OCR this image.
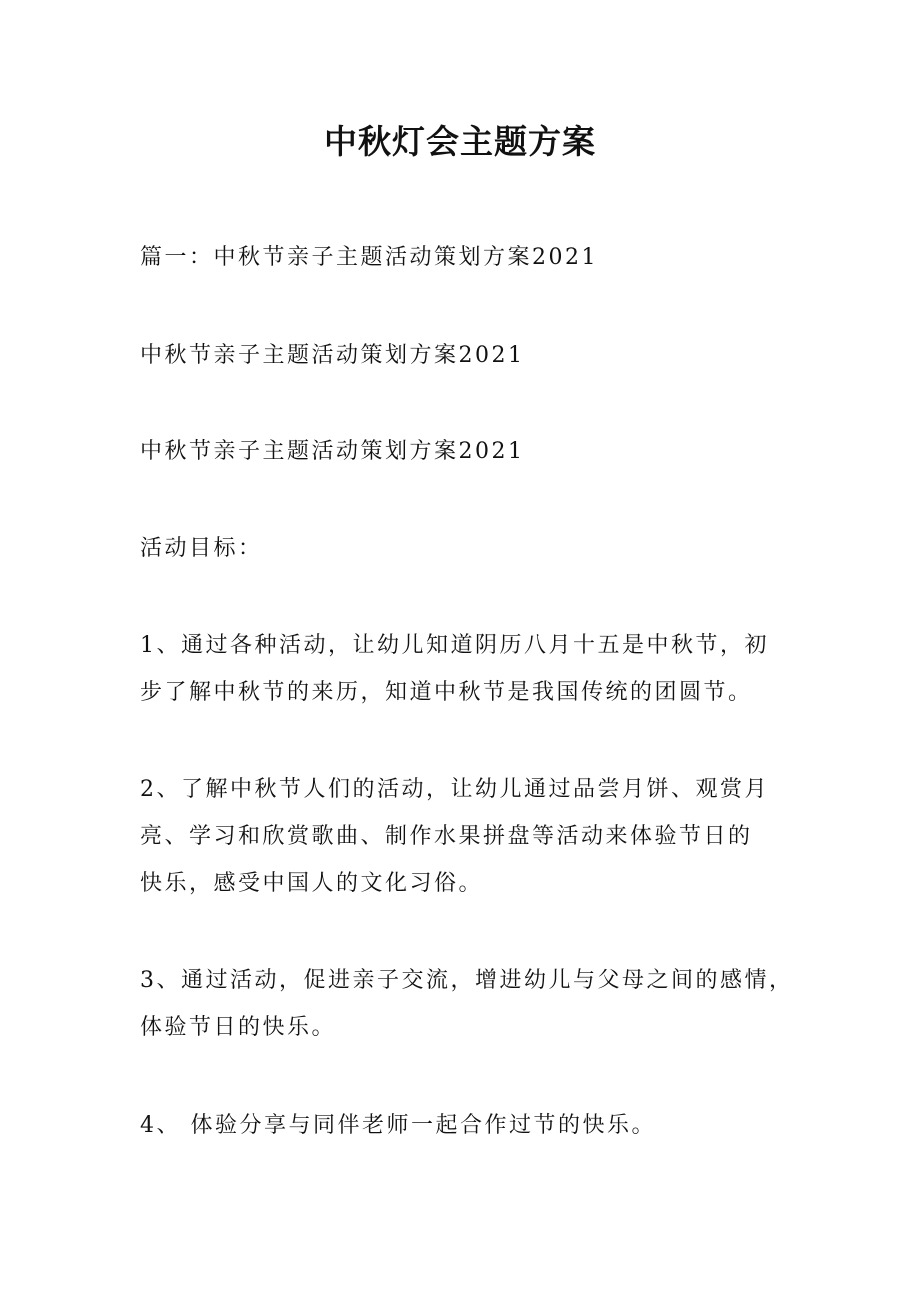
中秋灯会主题方案

篇一：中秋节亲子主题活动策划方案2021

中秋节亲子主题活动策划方案2021

中秋节亲子主题活动策划方案2021

活动目标：

1、通过各种活动，让幼儿知道阴历八月十五是中秋节，初
步了解中秋节的来历，知道中秋节是我国传统的团圆节。

2、了解中秋节人们的活动，让幼儿通过品尝月饼、观赏月
亮、学习和欣赏歌曲、制作水果拼盘等活动来体验节日的
快乐，感受中国人的文化习俗。

3、通过活动，促进亲子交流，增进幼儿与父母之间的感情，
体验节日的快乐。

4、 体验分享与同伴老师一起合作过节的快乐。
